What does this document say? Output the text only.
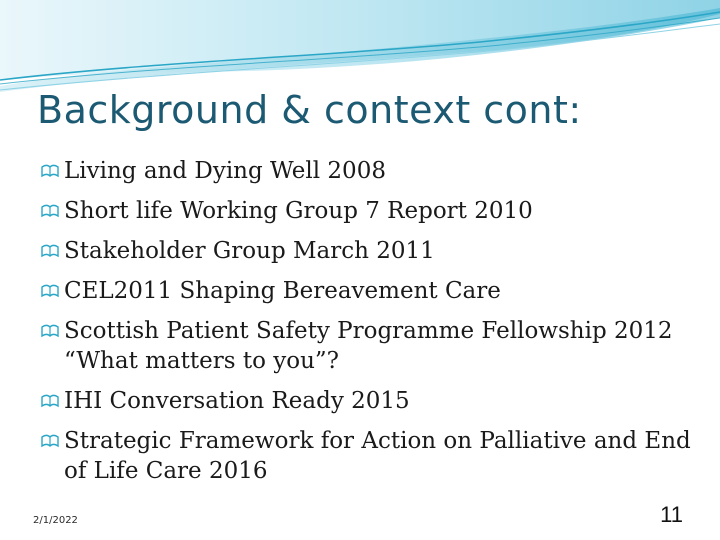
Background & context cont:
Living and Dying Well 2008
Short life Working Group 7 Report 2010
Stakeholder Group March 2011
CEL2011 Shaping Bereavement Care
Scottish Patient Safety Programme Fellowship 2012 “What matters to you”?
IHI Conversation Ready 2015
Strategic Framework for Action on Palliative and End of Life Care 2016
2/1/2022	11
